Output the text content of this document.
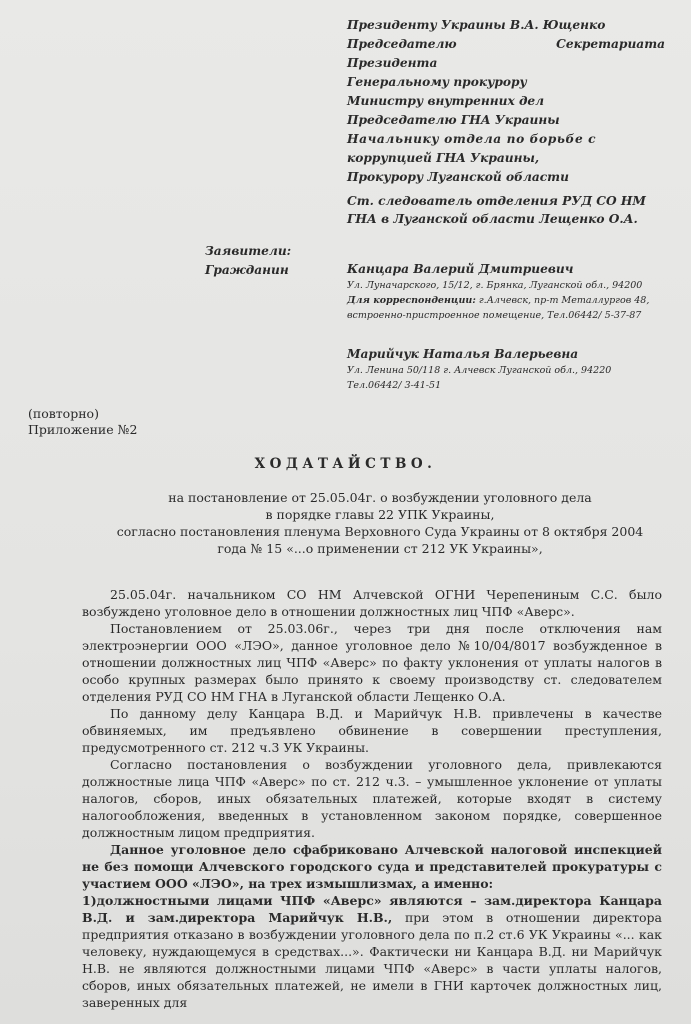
Президенту Украины В.А. Ющенко
Председателю	Секретариата
Президента
Генеральному прокурору
Министру внутренних дел
Председателю ГНА Украины
Начальнику отдела по борьбе с
коррупцией ГНА Украины,
Прокурору Луганской области
Ст. следователь отделения РУД СО НМ
ГНА в Луганской области Лещенко О.А.
Заявители:
Гражданин	Канцара Валерий Дмитриевич
Ул. Луначарского, 15/12, г. Брянка, Луганской обл., 94200
Для корреспонденции: г.Алчевск, пр-т Металлургов 48, встроенно-пристроенное помещение, Тел.06442/ 5-37-87
Марийчук Наталья Валерьевна
Ул. Ленина 50/118 г. Алчевск Луганской обл., 94220
Тел.06442/ 3-41-51
(повторно)
Приложение №2
ХОДАТАЙСТВО.
на постановление от 25.05.04г. о возбуждении уголовного дела
в порядке главы 22 УПК Украины,
согласно постановления пленума Верховного Суда Украины от 8 октября 2004
года № 15 «...о применении ст 212 УК Украины»,

25.05.04г. начальником СО НМ Алчевской ОГНИ Черепениным С.С. было возбуждено уголовное дело в отношении должностных лиц ЧПФ «Аверс».

Постановлением от 25.03.06г., через три дня после отключения нам электроэнергии ООО «ЛЭО», данное уголовное дело №10/04/8017 возбужденное в отношении должностных лиц ЧПФ «Аверс» по факту уклонения от уплаты налогов в особо крупных размерах было принято к своему производству ст. следователем отделения РУД СО НМ ГНА в Луганской области Лещенко О.А.

По данному делу Канцара В.Д. и Марийчук Н.В. привлечены в качестве обвиняемых, им предъявлено обвинение в совершении преступления, предусмотренного ст. 212 ч.3 УК Украины.

Согласно постановления о возбуждении уголовного дела, привлекаются должностные лица ЧПФ «Аверс» по ст. 212 ч.3. – умышленное уклонение от уплаты налогов, сборов, иных обязательных платежей, которые входят в систему налогообложения, введенных в установленном законом порядке, совершенное должностным лицом предприятия.

Данное уголовное дело сфабриковано Алчевской налоговой инспекцией не без помощи Алчевского городского суда и представителей прокуратуры с участием ООО «ЛЭО», на трех измышлизмах, а именно:

1)должностными лицами ЧПФ «Аверс» являются – зам.директора Канцара В.Д. и зам.директора Марийчук Н.В., при этом в отношении директора предприятия отказано в возбуждении уголовного дела по п.2 ст.6 УК Украины «... как человеку, нуждающемуся в средствах...». Фактически ни Канцара В.Д. ни Марийчук Н.В. не являются должностными лицами ЧПФ «Аверс» в части уплаты налогов, сборов, иных обязательных платежей, не имели в ГНИ карточек должностных лиц, заверенных для
